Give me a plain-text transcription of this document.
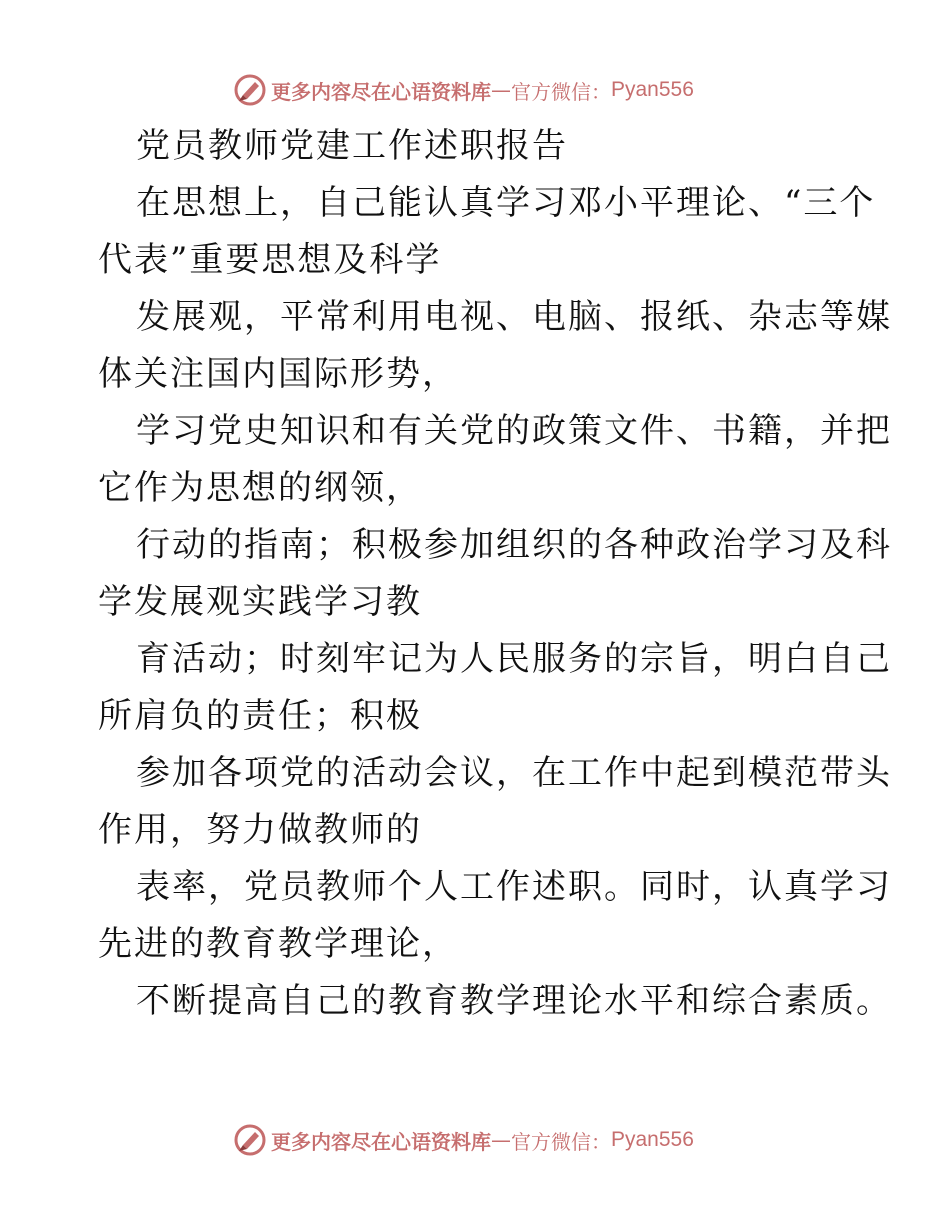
更多内容尽在心语资料库 — 官方微信： Pyan556
党员教师党建工作述职报告
在思想上，自己能认真学习邓小平理论、“三个
代表”重要思想及科学
发展观，平常利用电视、电脑、报纸、杂志等媒
体关注国内国际形势，
学习党史知识和有关党的政策文件、书籍，并把
它作为思想的纲领，
行动的指南；积极参加组织的各种政治学习及科
学发展观实践学习教
育活动；时刻牢记为人民服务的宗旨，明白自己
所肩负的责任；积极
参加各项党的活动会议，在工作中起到模范带头
作用，努力做教师的
表率，党员教师个人工作述职。同时，认真学习
先进的教育教学理论，
不断提高自己的教育教学理论水平和综合素质。
更多内容尽在心语资料库 — 官方微信： Pyan556
